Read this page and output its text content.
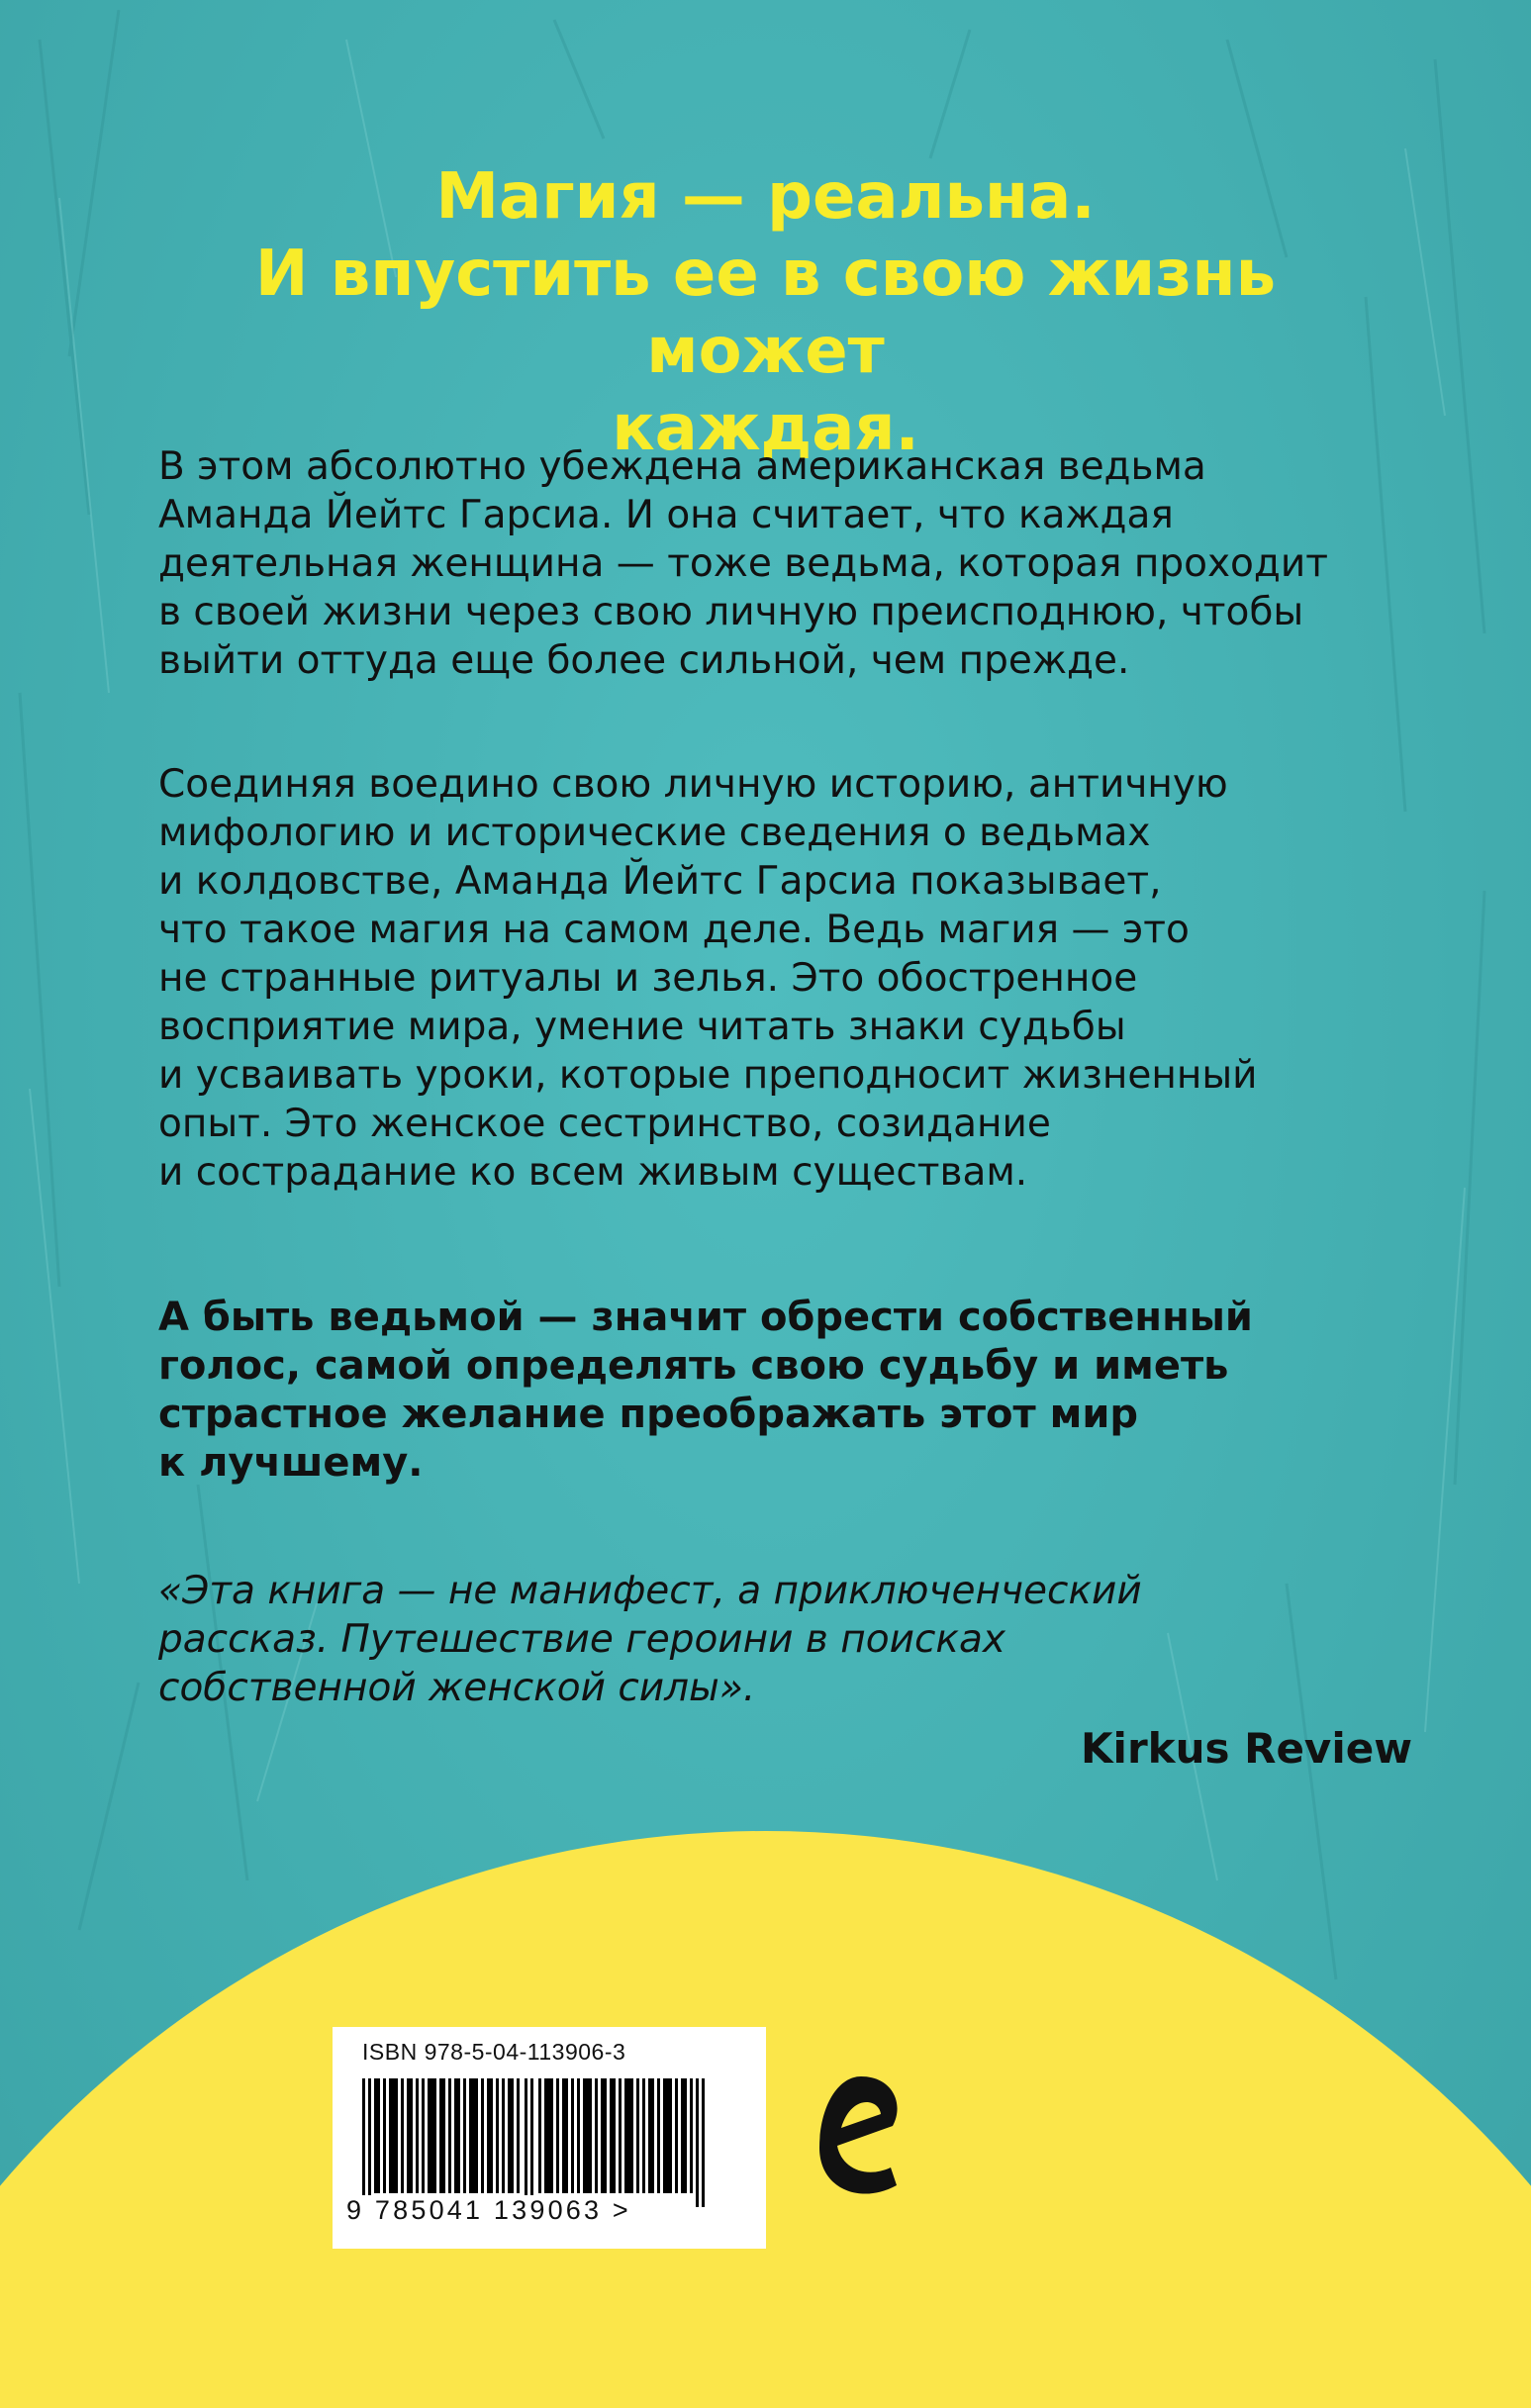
Магия — реальна.
И впустить ее в свою жизнь может
каждая.

В этом абсолютно убеждена американская ведьма
Аманда Йейтс Гарсиа. И она считает, что каждая
деятельная женщина — тоже ведьма, которая проходит
в своей жизни через свою личную преисподнюю, чтобы
выйти оттуда еще более сильной, чем прежде.

Соединяя воедино свою личную историю, античную
мифологию и исторические сведения о ведьмах
и колдовстве, Аманда Йейтс Гарсиа показывает,
что такое магия на самом деле. Ведь магия — это
не странные ритуалы и зелья. Это обостренное
восприятие мира, умение читать знаки судьбы
и усваивать уроки, которые преподносит жизненный
опыт. Это женское сестринство, созидание
и сострадание ко всем живым существам.

А быть ведьмой — значит обрести собственный
голос, самой определять свою судьбу и иметь
страстное желание преображать этот мир
к лучшему.

«Эта книга — не манифест, а приключенческий
рассказ. Путешествие героини в поисках
собственной женской силы».

Kirkus Review

ISBN 978-5-04-113906-3

9 785041 139063 >
